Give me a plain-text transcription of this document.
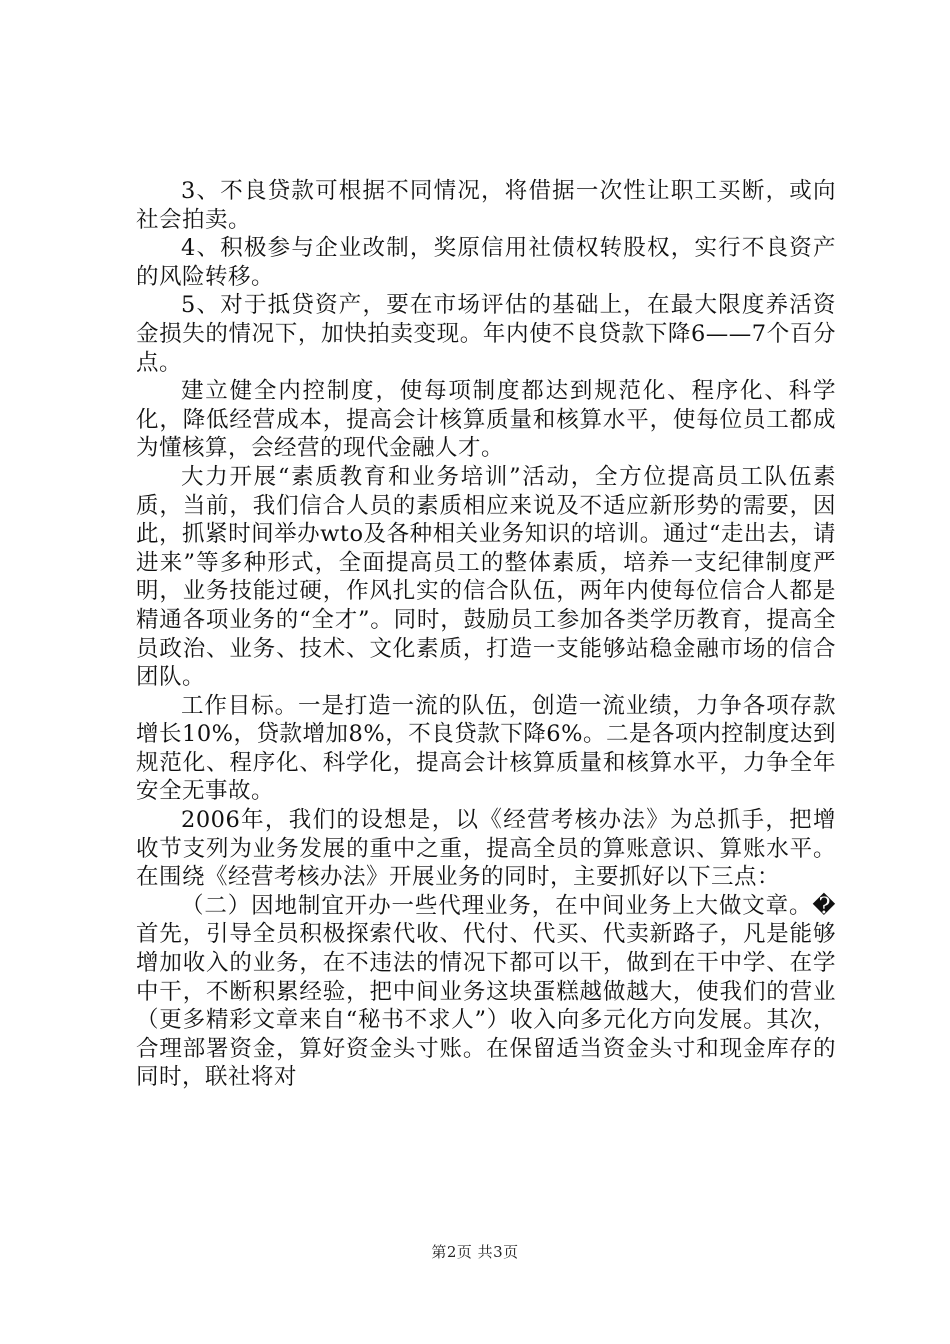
3、不良贷款可根据不同情况，将借据一次性让职工买断，或向社会拍卖。

4、积极参与企业改制，奖原信用社债权转股权，实行不良资产的风险转移。

5、对于抵贷资产，要在市场评估的基础上，在最大限度养活资金损失的情况下，加快拍卖变现。年内使不良贷款下降6——7个百分点。

建立健全内控制度，使每项制度都达到规范化、程序化、科学化，降低经营成本，提高会计核算质量和核算水平，使每位员工都成为懂核算，会经营的现代金融人才。

大力开展“素质教育和业务培训”活动，全方位提高员工队伍素质，当前，我们信合人员的素质相应来说及不适应新形势的需要，因此，抓紧时间举办wto及各种相关业务知识的培训。通过“走出去，请进来”等多种形式，全面提高员工的整体素质，培养一支纪律制度严明，业务技能过硬，作风扎实的信合队伍，两年内使每位信合人都是精通各项业务的“全才”。同时，鼓励员工参加各类学历教育，提高全员政治、业务、技术、文化素质，打造一支能够站稳金融市场的信合团队。

工作目标。一是打造一流的队伍，创造一流业绩，力争各项存款增长10%，贷款增加8%，不良贷款下降6%。二是各项内控制度达到规范化、程序化、科学化，提高会计核算质量和核算水平，力争全年安全无事故。

2006年，我们的设想是，以《经营考核办法》为总抓手，把增收节支列为业务发展的重中之重，提高全员的算账意识、算账水平。在围绕《经营考核办法》开展业务的同时，主要抓好以下三点：

（二）因地制宜开办一些代理业务，在中间业务上大做文章。�首先，引导全员积极探索代收、代付、代买、代卖新路子，凡是能够增加收入的业务，在不违法的情况下都可以干，做到在干中学、在学中干，不断积累经验，把中间业务这块蛋糕越做越大，使我们的营业（更多精彩文章来自“秘书不求人”）收入向多元化方向发展。其次，合理部署资金，算好资金头寸账。在保留适当资金头寸和现金库存的同时，联社将对

第2页 共3页
